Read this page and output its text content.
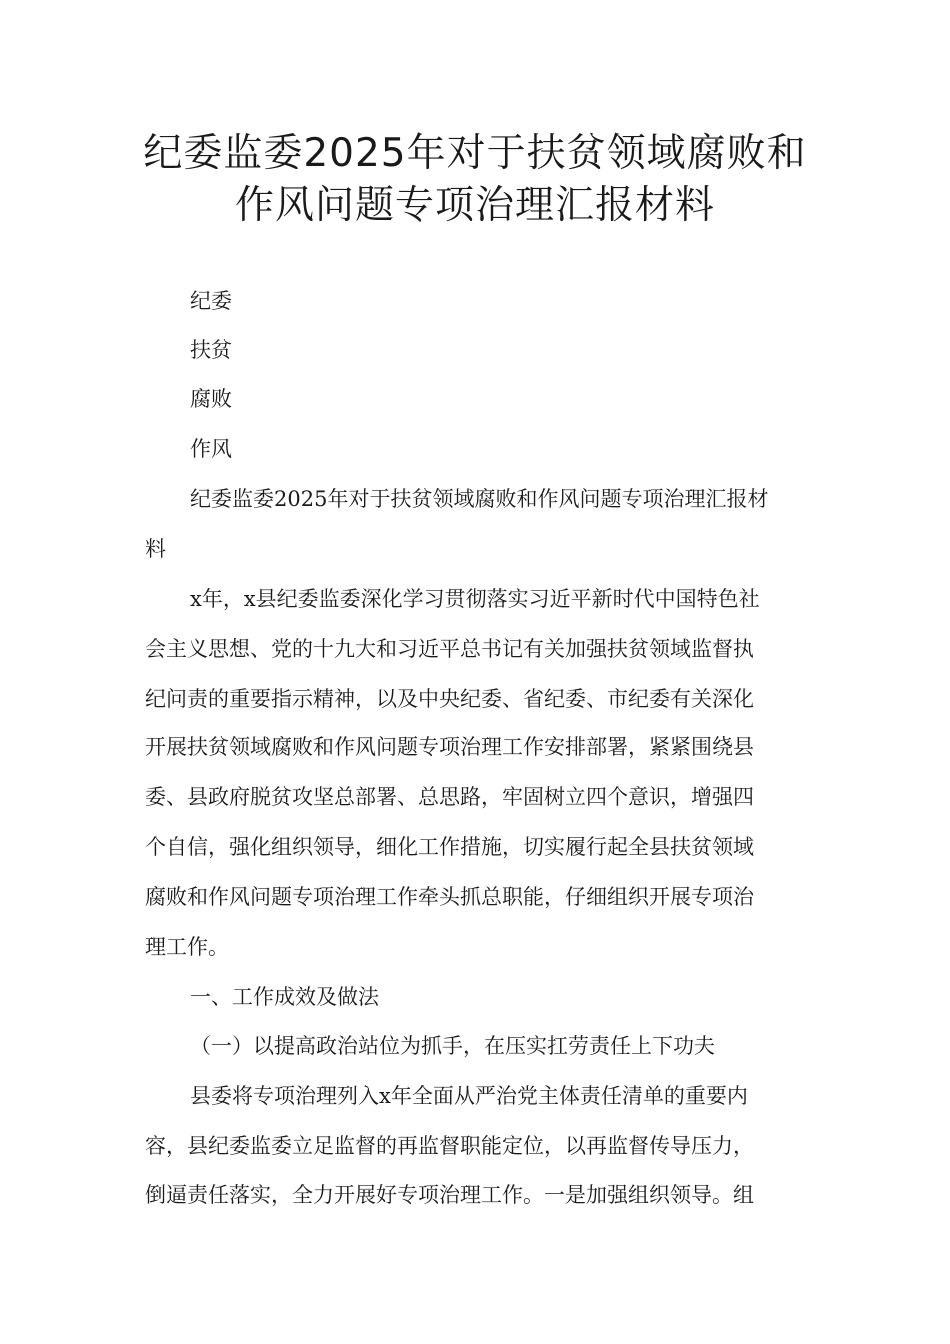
纪委监委2025年对于扶贫领域腐败和
作风问题专项治理汇报材料
纪委
扶贫
腐败
作风
纪委监委2025年对于扶贫领域腐败和作风问题专项治理汇报材
料
x年，x县纪委监委深化学习贯彻落实习近平新时代中国特色社
会主义思想、党的十九大和习近平总书记有关加强扶贫领域监督执
纪问责的重要指示精神，以及中央纪委、省纪委、市纪委有关深化
开展扶贫领域腐败和作风问题专项治理工作安排部署，紧紧围绕县
委、县政府脱贫攻坚总部署、总思路，牢固树立四个意识，增强四
个自信，强化组织领导，细化工作措施，切实履行起全县扶贫领域
腐败和作风问题专项治理工作牵头抓总职能，仔细组织开展专项治
理工作。
一、工作成效及做法
（一）以提高政治站位为抓手，在压实扛劳责任上下功夫
县委将专项治理列入x年全面从严治党主体责任清单的重要内
容，县纪委监委立足监督的再监督职能定位，以再监督传导压力，
倒逼责任落实，全力开展好专项治理工作。一是加强组织领导。组
